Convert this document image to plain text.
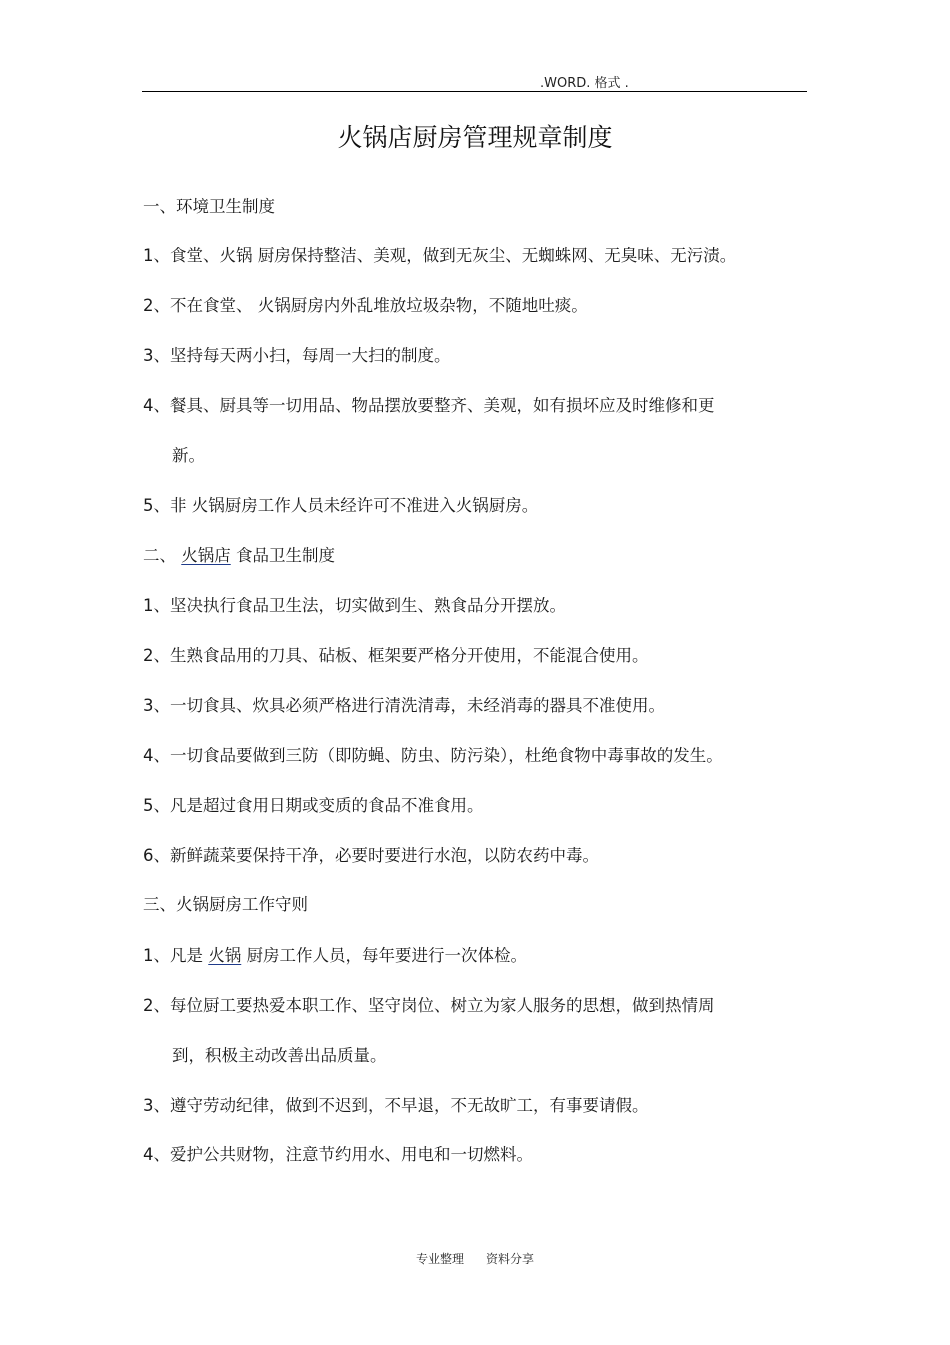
.WORD. 格式 .
火锅店厨房管理规章制度
一、环境卫生制度
1、食堂、火锅 厨房保持整洁、美观，做到无灰尘、无蜘蛛网、无臭味、无污渍。
2、不在食堂、 火锅厨房内外乱堆放垃圾杂物，不随地吐痰。
3、坚持每天两小扫，每周一大扫的制度。
4、餐具、厨具等一切用品、物品摆放要整齐、美观，如有损坏应及时维修和更
新。
5、非 火锅厨房工作人员未经许可不准进入火锅厨房。
二、 火锅店 食品卫生制度
1、坚决执行食品卫生法，切实做到生、熟食品分开摆放。
2、生熟食品用的刀具、砧板、框架要严格分开使用，不能混合使用。
3、一切食具、炊具必须严格进行清洗清毒，未经消毒的器具不准使用。
4、一切食品要做到三防（即防蝇、防虫、防污染），杜绝食物中毒事故的发生。
5、凡是超过食用日期或变质的食品不准食用。
6、新鲜蔬菜要保持干净，必要时要进行水泡，以防农药中毒。
三、火锅厨房工作守则
1、凡是 火锅 厨房工作人员，每年要进行一次体检。
2、每位厨工要热爱本职工作、坚守岗位、树立为家人服务的思想，做到热情周
到，积极主动改善出品质量。
3、遵守劳动纪律，做到不迟到，不早退，不无故旷工，有事要请假。
4、爱护公共财物，注意节约用水、用电和一切燃料。
专业整理 资料分享
